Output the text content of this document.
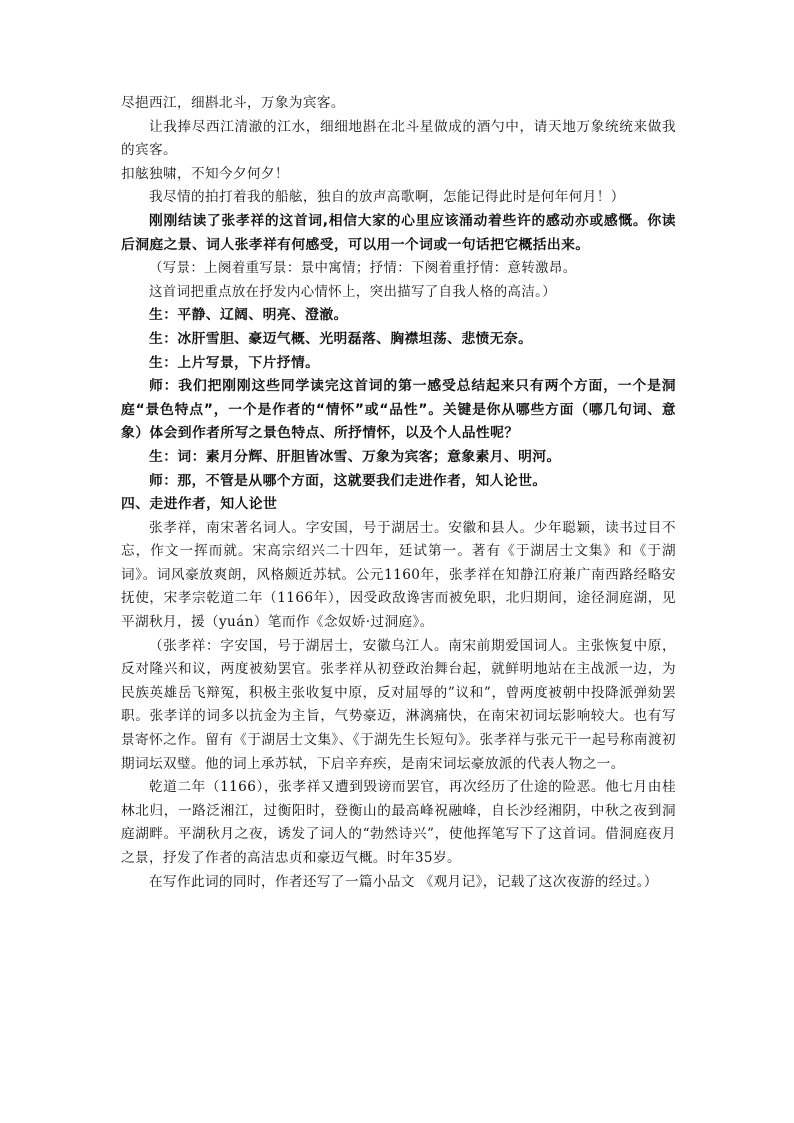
尽挹西江，细斟北斗，万象为宾客。

让我捧尽西江清澈的江水，细细地斟在北斗星做成的酒勺中，请天地万象统统来做我的宾客。

扣舷独啸，不知今夕何夕！

我尽情的拍打着我的船舷，独自的放声高歌啊，怎能记得此时是何年何月！）

刚刚结读了张孝祥的这首词,相信大家的心里应该涌动着些许的感动亦或感慨。你读后洞庭之景、词人张孝祥有何感受，可以用一个词或一句话把它概括出来。

（写景：上阕着重写景：景中寓情；抒情：下阕着重抒情：意转激昂。

这首词把重点放在抒发内心情怀上，突出描写了自我人格的高洁。）

生：平静、辽阔、明亮、澄澈。

生：冰肝雪胆、豪迈气概、光明磊落、胸襟坦荡、悲愤无奈。

生：上片写景，下片抒情。

师：我们把刚刚这些同学读完这首词的第一感受总结起来只有两个方面，一个是洞庭“景色特点”，一个是作者的“情怀”或“品性”。关键是你从哪些方面（哪几句词、意象）体会到作者所写之景色特点、所抒情怀，以及个人品性呢？

生：词：素月分辉、肝胆皆冰雪、万象为宾客；意象素月、明河。

师：那，不管是从哪个方面，这就要我们走进作者，知人论世。

四、走进作者，知人论世

张孝祥，南宋著名词人。字安国，号于湖居士。安徽和县人。少年聪颖，读书过目不忘，作文一挥而就。宋高宗绍兴二十四年，廷试第一。著有《于湖居士文集》和《于湖词》。词风豪放爽朗，风格颇近苏轼。公元1160年，张孝祥在知静江府兼广南西路经略安抚使，宋孝宗乾道二年（1166年），因受政敌谗害而被免职，北归期间，途径洞庭湖，见平湖秋月，援（yuán）笔而作《念奴娇·过洞庭》。

（张孝祥：字安国，号于湖居士，安徽乌江人。南宋前期爱国词人。主张恢复中原，反对隆兴和议，两度被劾罢官。张孝祥从初登政治舞台起，就鲜明地站在主战派一边，为民族英雄岳飞辩冤，积极主张收复中原，反对屈辱的”议和”，曾两度被朝中投降派弹劾罢职。张孝详的词多以抗金为主旨，气势豪迈，淋漓痛快，在南宋初词坛影响较大。也有写景寄怀之作。留有《于湖居士文集》、《于湖先生长短句》。张孝祥与张元干一起号称南渡初期词坛双璧。他的词上承苏轼，下启辛弃疾，是南宋词坛豪放派的代表人物之一。

乾道二年（1166），张孝祥又遭到毁谤而罢官，再次经历了仕途的险恶。他七月由桂林北归，一路泛湘江，过衡阳时，登衡山的最高峰祝融峰，自长沙经湘阴，中秋之夜到洞庭湖畔。平湖秋月之夜，诱发了词人的“勃然诗兴”，使他挥笔写下了这首词。借洞庭夜月之景，抒发了作者的高洁忠贞和豪迈气概。时年35岁。

在写作此词的同时，作者还写了一篇小品文 《观月记》，记载了这次夜游的经过。）
